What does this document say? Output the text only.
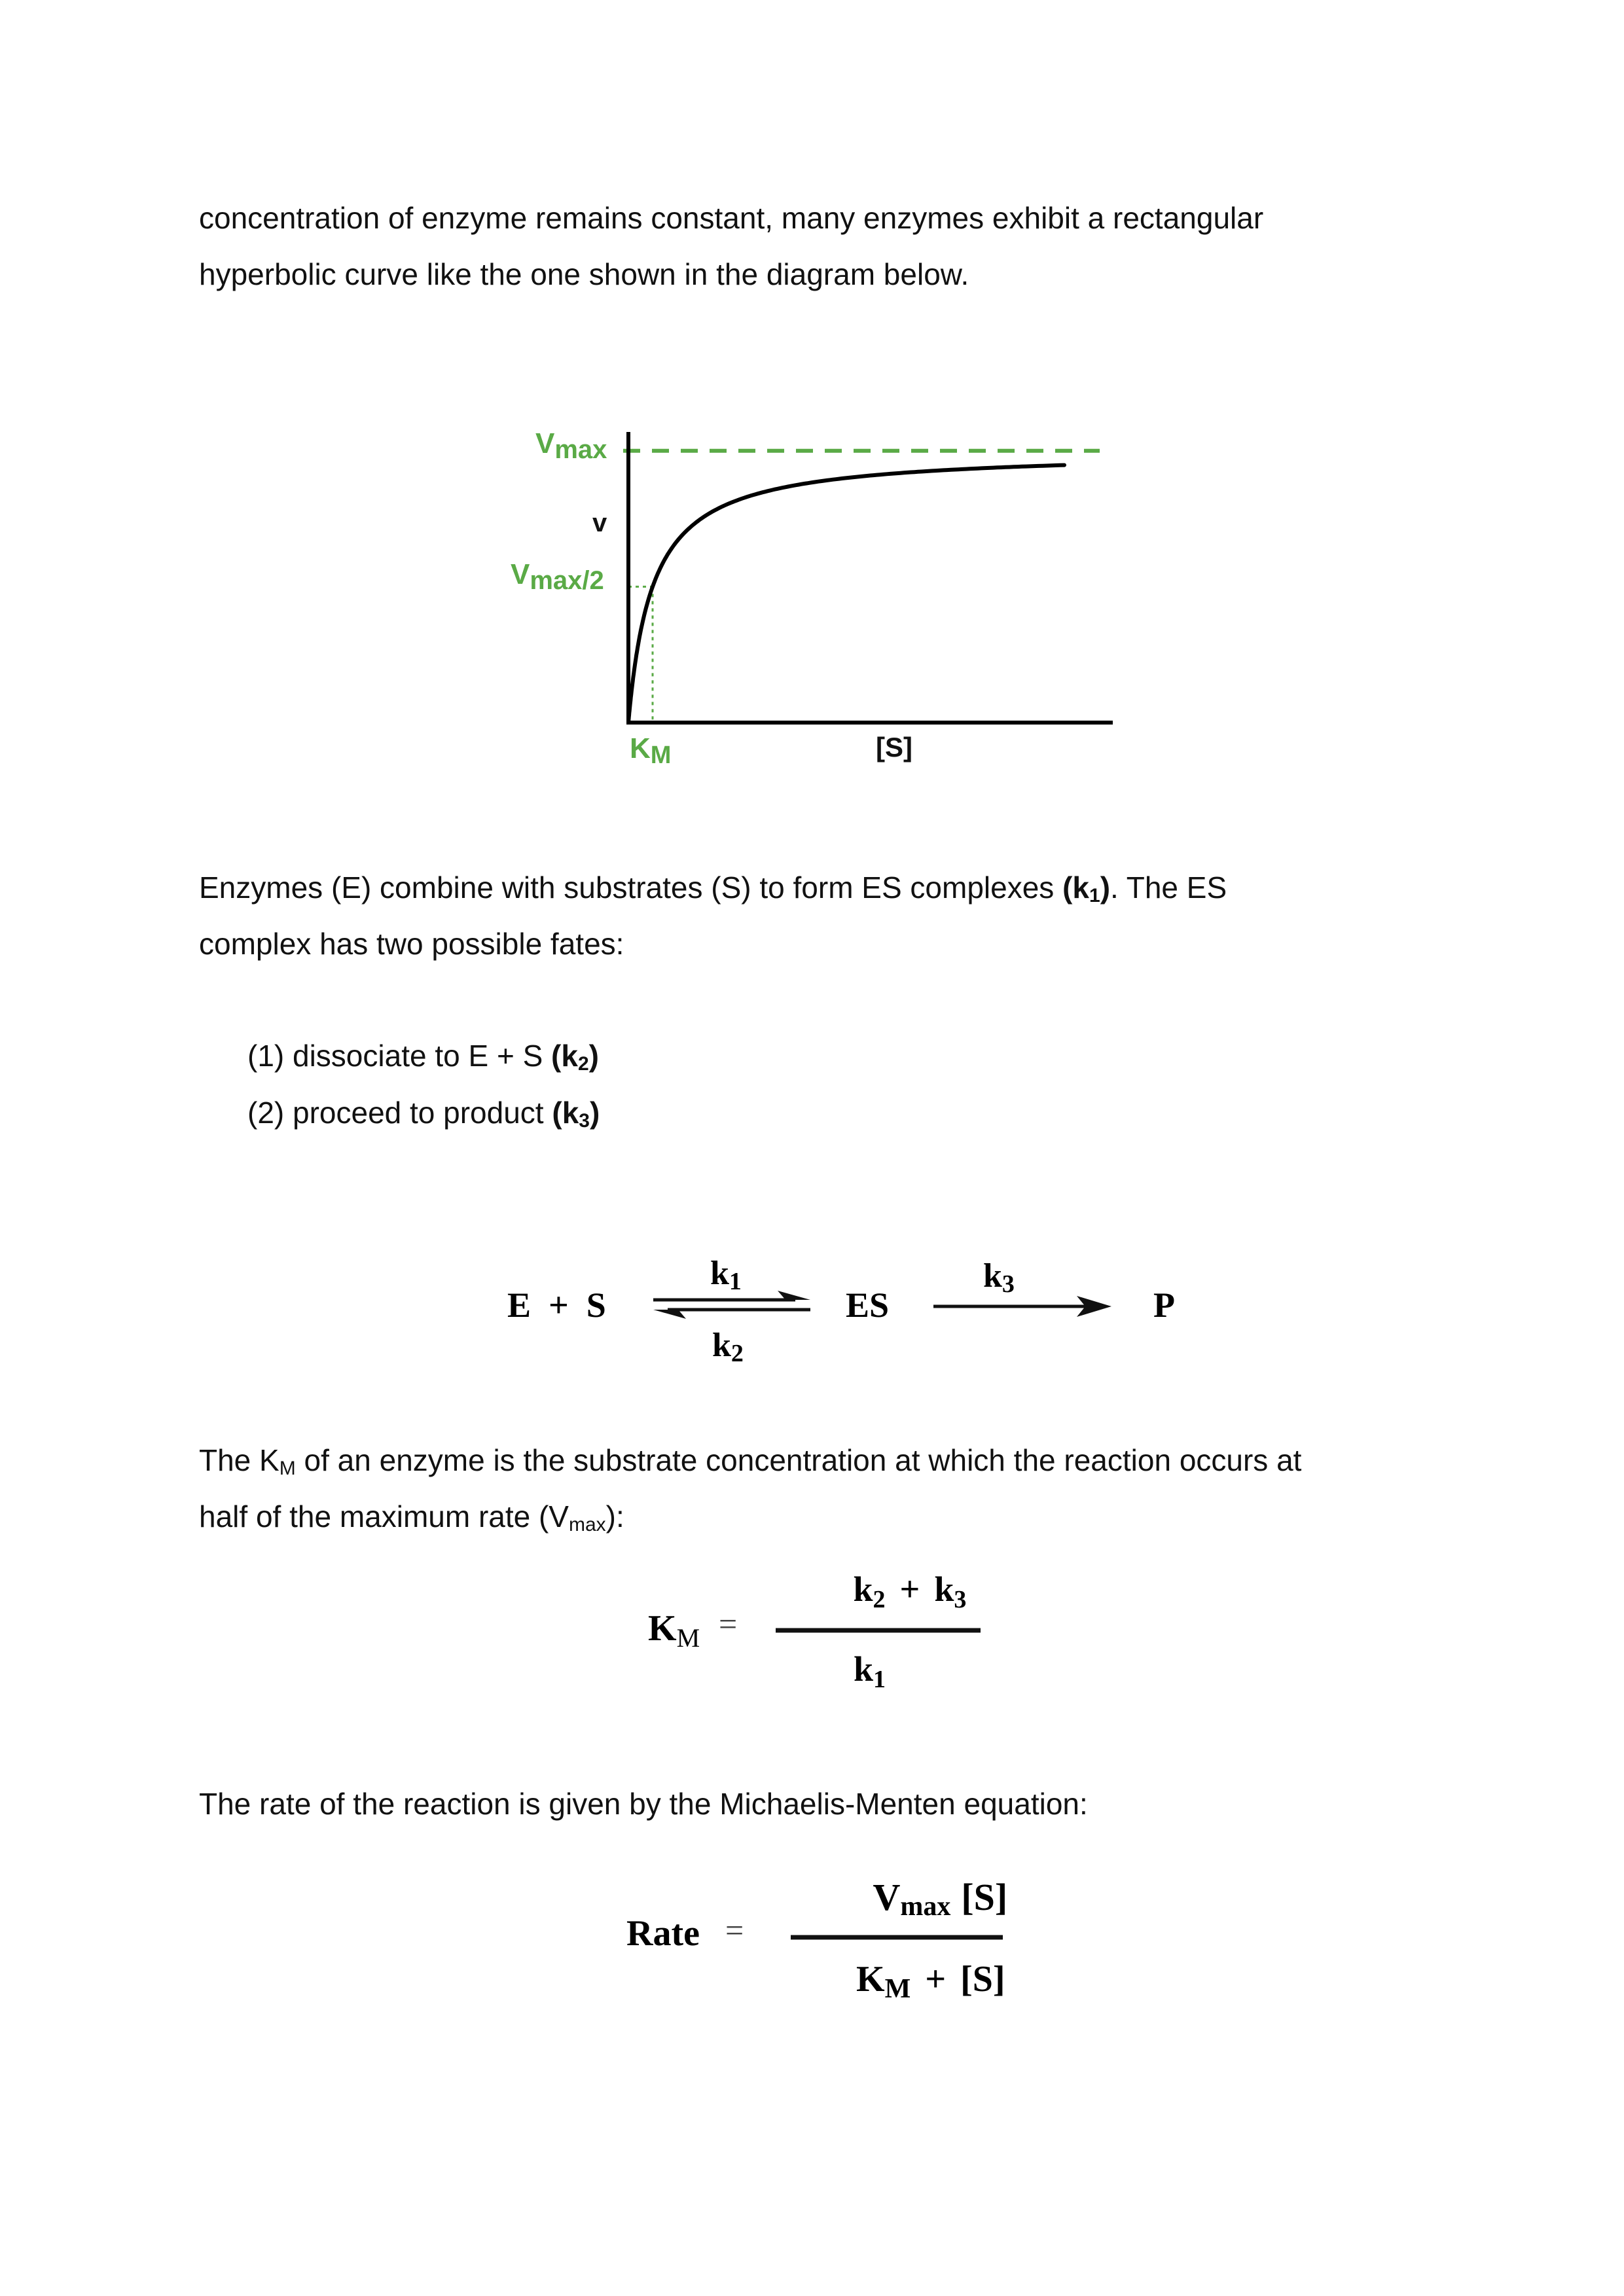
concentration of enzyme remains constant, many enzymes exhibit a rectangular
hyperbolic curve like the one shown in the diagram below.

Vmax
v
Vmax/2
KM	[S]

Enzymes (E) combine with substrates (S) to form ES complexes $(k_1)$. The ES
complex has two possible fates:

(1) dissociate to E + S $(k_2)$

(2) proceed to product $(k_3)$

E  +  S
k1
k2
ES
k3
P

The $K_M$ of an enzyme is the substrate concentration at which the reaction occurs at
half of the maximum rate $(V_{max})$:

KM =
k2 + k3
k1

The rate of the reaction is given by the Michaelis-Menten equation:

Rate =
Vmax [S]
KM + [S]
